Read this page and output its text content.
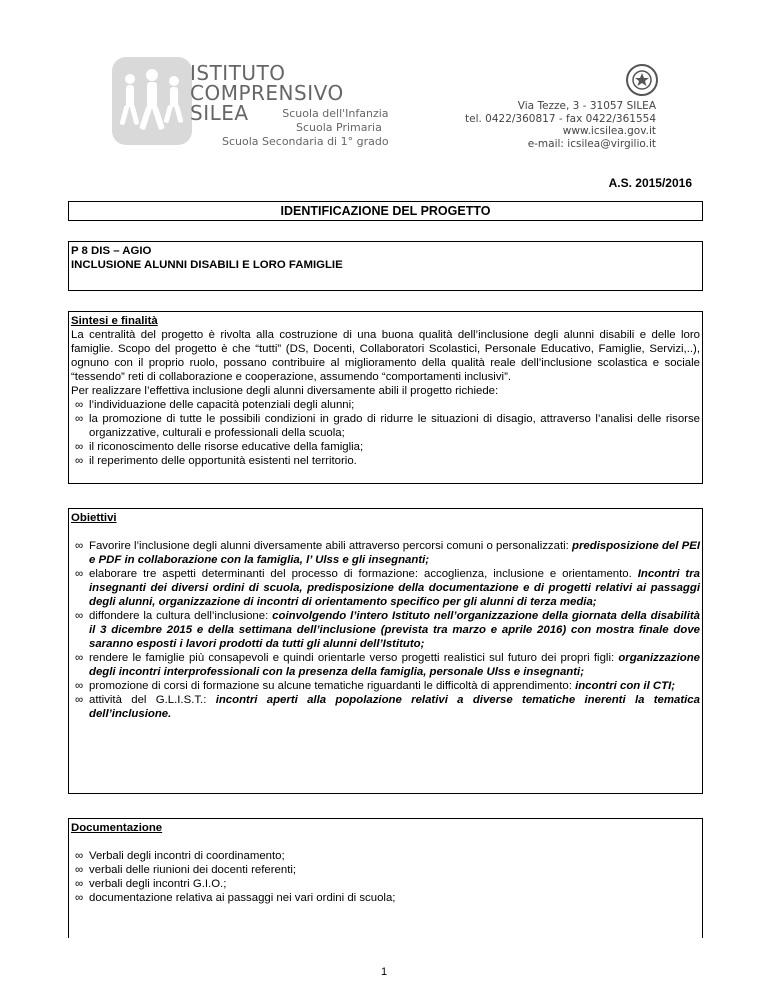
ISTITUTO
COMPRENSIVO
SILEA	Scuola dell'Infanzia
Scuola Primaria
Scuola Secondaria di 1° grado
Via Tezze, 3 - 31057 SILEA
tel. 0422/360817 - fax 0422/361554
www.icsilea.gov.it
e-mail: icsilea@virgilio.it
A.S. 2015/2016
IDENTIFICAZIONE DEL PROGETTO
P 8 DIS – AGIO
INCLUSIONE ALUNNI DISABILI E LORO FAMIGLIE
Sintesi e finalità

La centralità del progetto è rivolta alla costruzione di una buona qualità dell’inclusione degli alunni disabili e delle loro famiglie. Scopo del progetto è che “tutti” (DS, Docenti, Collaboratori Scolastici, Personale Educativo, Famiglie, Servizi,..), ognuno con il proprio ruolo, possano contribuire al miglioramento della qualità reale dell’inclusione scolastica e sociale “tessendo” reti di collaborazione e cooperazione, assumendo “comportamenti inclusivi”.

Per realizzare l’effettiva inclusione degli alunni diversamente abili il progetto richiede:

∞ l’individuazione delle capacità potenziali degli alunni;
∞ la promozione di tutte le possibili condizioni in grado di ridurre le situazioni di disagio, attraverso l’analisi delle risorse organizzative, culturali e professionali della scuola;
∞ il riconoscimento delle risorse educative della famiglia;
∞ il reperimento delle opportunità esistenti nel territorio.
Obiettivi
∞ Favorire l’inclusione degli alunni diversamente abili attraverso percorsi comuni o personalizzati: predisposizione del PEI e PDF in collaborazione con la famiglia, l’ Ulss e gli insegnanti;
∞ elaborare tre aspetti determinanti del processo di formazione: accoglienza, inclusione e orientamento. Incontri tra insegnanti dei diversi ordini di scuola, predisposizione della documentazione e di progetti relativi ai passaggi degli alunni, organizzazione di incontri di orientamento specifico per gli alunni di terza media;
∞ diffondere la cultura dell’inclusione: coinvolgendo l’intero Istituto nell’organizzazione della giornata della disabilità il 3 dicembre 2015 e della settimana dell’inclusione (prevista tra marzo e aprile 2016) con mostra finale dove saranno esposti i lavori prodotti da tutti gli alunni dell’Istituto;
∞ rendere le famiglie più consapevoli e quindi orientarle verso progetti realistici sul futuro dei propri figli: organizzazione degli incontri interprofessionali con la presenza della famiglia, personale Ulss e insegnanti;
∞ promozione di corsi di formazione su alcune tematiche riguardanti le difficoltà di apprendimento: incontri con il CTI;
∞ attività del G.L.I.S.T.: incontri aperti alla popolazione relativi a diverse tematiche inerenti la tematica dell’inclusione.
Documentazione
∞ Verbali degli incontri di coordinamento;
∞ verbali delle riunioni dei docenti referenti;
∞ verbali degli incontri G.I.O.;
∞ documentazione relativa ai passaggi nei vari ordini di scuola;
1
